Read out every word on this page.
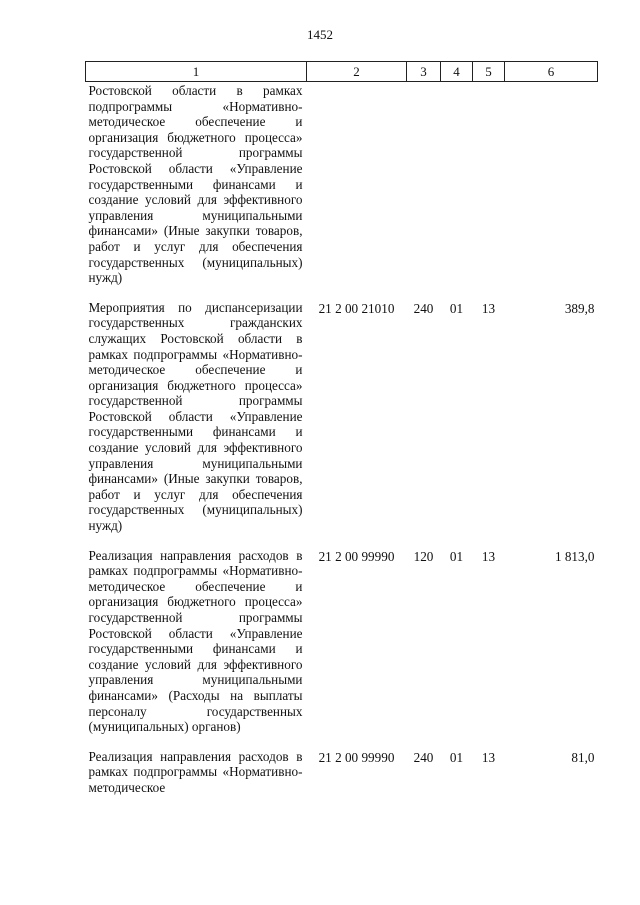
1452
1	2	3	4	5	6
Ростовской области в рамках подпрограммы «Нормативно-методическое обеспечение и организация бюджетного процесса» государственной программы Ростовской области «Управление государственными финансами и создание условий для эффективного управления муниципальными финансами» (Иные закупки товаров, работ и услуг для обеспечения государственных (муниципальных) нужд)					
Мероприятия по диспансеризации государственных гражданских служащих Ростовской области в рамках подпрограммы «Нормативно-методическое обеспечение и организация бюджетного процесса» государственной программы Ростовской области «Управление государственными финансами и создание условий для эффективного управления муниципальными финансами» (Иные закупки товаров, работ и услуг для обеспечения государственных (муниципальных) нужд)	21 2 00 21010	240	01	13	389,8
Реализация направления расходов в рамках подпрограммы «Нормативно-методическое обеспечение и организация бюджетного процесса» государственной программы Ростовской области «Управление государственными финансами и создание условий для эффективного управления муниципальными финансами» (Расходы на выплаты персоналу государственных (муниципальных) органов)	21 2 00 99990	120	01	13	1 813,0
Реализация направления расходов в рамках подпрограммы «Нормативно-методическое	21 2 00 99990	240	01	13	81,0
